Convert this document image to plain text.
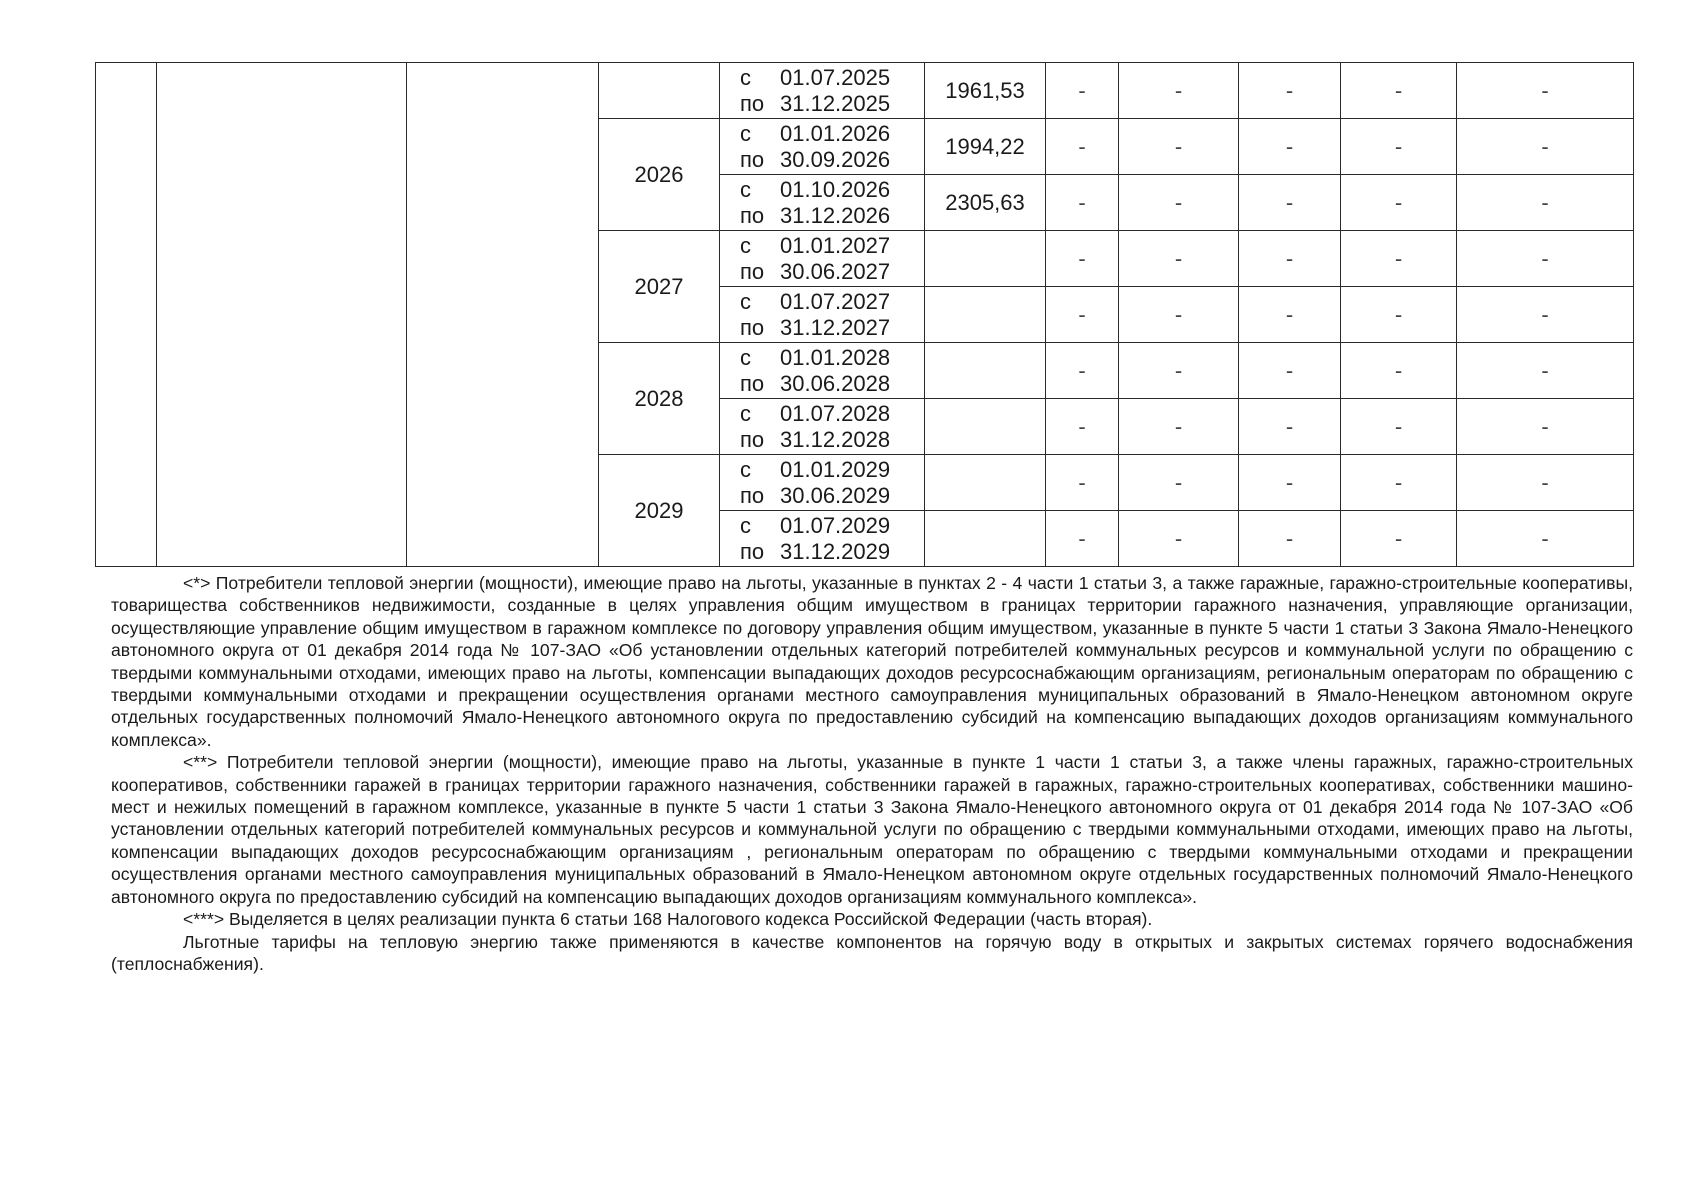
				с 01.07.2025
по 31.12.2025	1961,53	-	-	-	-	-
			2026	с 01.01.2026
по 30.09.2026	1994,22	-	-	-	-	-

				с 01.10.2026
по 31.12.2026	2305,63	-	-	-	-	-
			2027	с 01.01.2027
по 30.06.2027		-	-	-	-	-

				с 01.07.2027
по 31.12.2027		-	-	-	-	-
			2028	с 01.01.2028
по 30.06.2028		-	-	-	-	-

				с 01.07.2028
по 31.12.2028		-	-	-	-	-
			2029	с 01.01.2029
по 30.06.2029		-	-	-	-	-

				с 01.07.2029
по 31.12.2029		-	-	-	-	-

<*> Потребители тепловой энергии (мощности), имеющие право на льготы, указанные в пунктах 2 - 4 части 1 статьи 3, а также гаражные, гаражно-строительные кооперативы, товарищества собственников недвижимости, созданные в целях управления общим имуществом в границах территории гаражного назначения, управляющие организации, осуществляющие управление общим имуществом в гаражном комплексе по договору управления общим имуществом, указанные в пункте 5 части 1 статьи 3 Закона Ямало-Ненецкого автономного округа от 01 декабря 2014 года № 107-ЗАО «Об установлении отдельных категорий потребителей коммунальных ресурсов и коммунальной услуги по обращению с твердыми коммунальными отходами, имеющих право на льготы, компенсации выпадающих доходов ресурсоснабжающим организациям, региональным операторам по обращению с твердыми коммунальными отходами и прекращении осуществления органами местного самоуправления муниципальных образований в Ямало-Ненецком автономном округе отдельных государственных полномочий Ямало-Ненецкого автономного округа по предоставлению субсидий на компенсацию выпадающих доходов организациям коммунального комплекса».

<**> Потребители тепловой энергии (мощности), имеющие право на льготы, указанные в пункте 1 части 1 статьи 3, а также члены гаражных, гаражно-строительных кооперативов, собственники гаражей в границах территории гаражного назначения, собственники гаражей в гаражных, гаражно-строительных кооперативах, собственники машино-мест и нежилых помещений в гаражном комплексе, указанные в пункте 5 части 1 статьи 3 Закона Ямало-Ненецкого автономного округа от 01 декабря 2014 года № 107-ЗАО «Об установлении отдельных категорий потребителей коммунальных ресурсов и коммунальной услуги по обращению с твердыми коммунальными отходами, имеющих право на льготы, компенсации выпадающих доходов ресурсоснабжающим организациям , региональным операторам по обращению с твердыми коммунальными отходами и прекращении осуществления органами местного самоуправления муниципальных образований в Ямало-Ненецком автономном округе отдельных государственных полномочий Ямало-Ненецкого автономного округа по предоставлению субсидий на компенсацию выпадающих доходов организациям коммунального комплекса».

<***> Выделяется в целях реализации пункта 6 статьи 168 Налогового кодекса Российской Федерации (часть вторая).

Льготные тарифы на тепловую энергию также применяются в качестве компонентов на горячую воду в открытых и закрытых системах горячего водоснабжения (теплоснабжения).
